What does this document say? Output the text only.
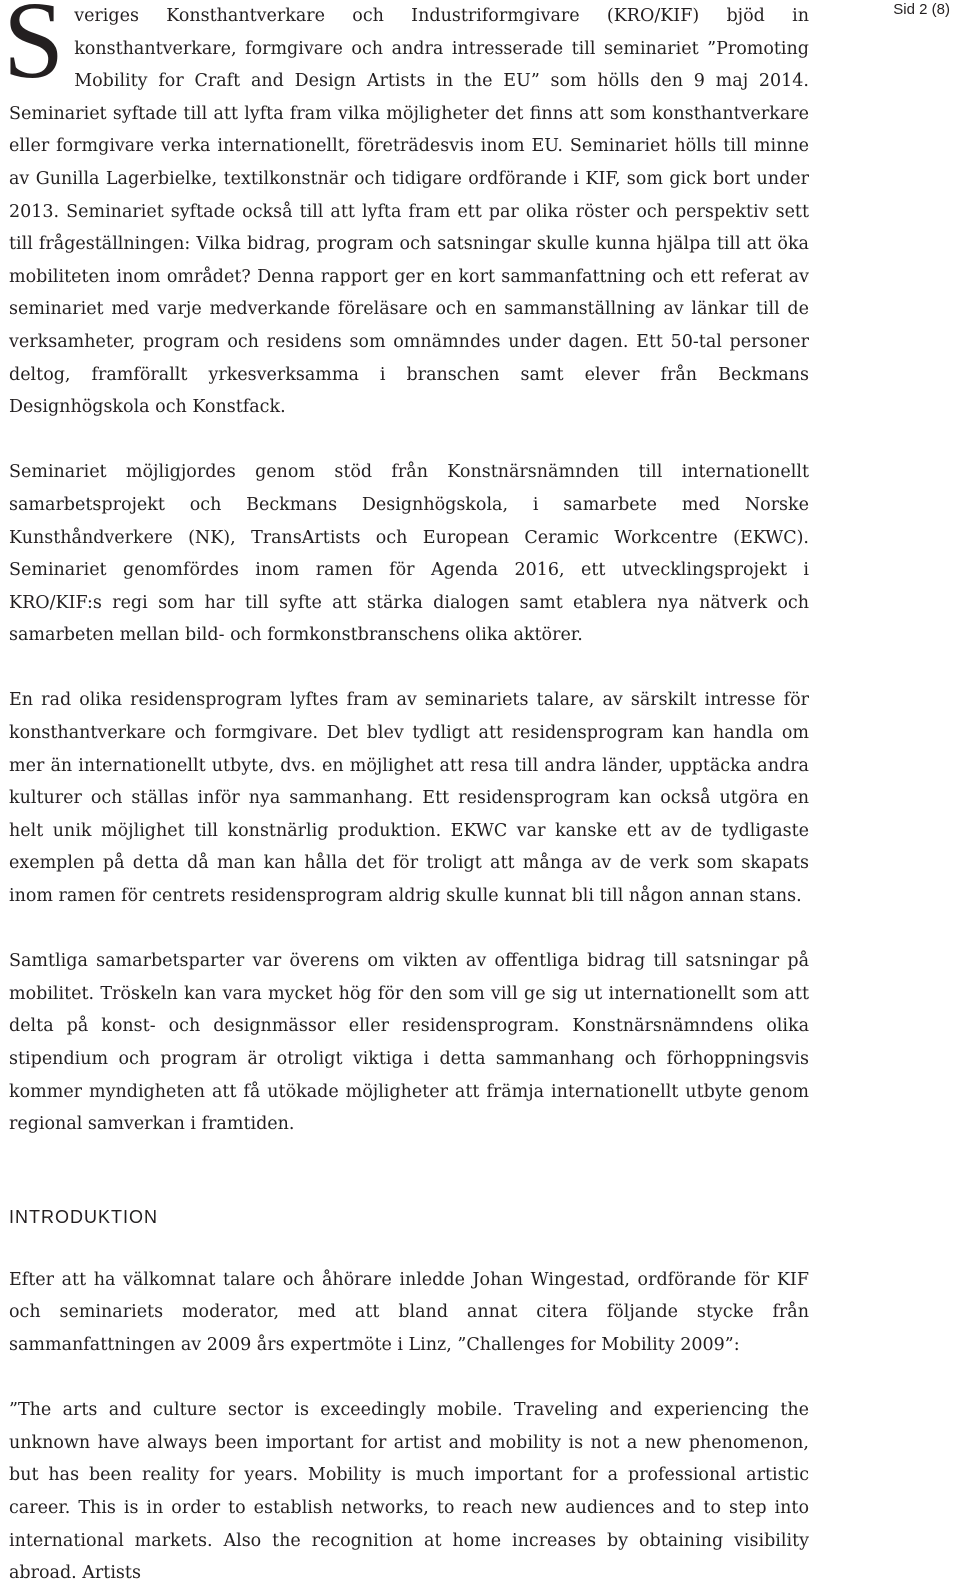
Sid 2 (8)

Sveriges Konsthantverkare och Industriformgivare (KRO/KIF) bjöd in konsthantverkare, formgivare och andra intresserade till seminariet ”Promoting Mobility for Craft and Design Artists in the EU” som hölls den 9 maj 2014. Seminariet syftade till att lyfta fram vilka möjligheter det finns att som konsthantverkare eller formgivare verka internationellt, företrädesvis inom EU. Seminariet hölls till minne av Gunilla Lagerbielke, textilkonstnär och tidigare ordförande i KIF, som gick bort under 2013. Seminariet syftade också till att lyfta fram ett par olika röster och perspektiv sett till frågeställningen: Vilka bidrag, program och satsningar skulle kunna hjälpa till att öka mobiliteten inom området? Denna rapport ger en kort sammanfattning och ett referat av seminariet med varje medverkande föreläsare och en sammanställning av länkar till de verksamheter, program och residens som omnämndes under dagen. Ett 50-tal personer deltog, framförallt yrkesverksamma i branschen samt elever från Beckmans Designhögskola och Konstfack.

Seminariet möjligjordes genom stöd från Konstnärsnämnden till internationellt samarbetsprojekt och Beckmans Designhögskola, i samarbete med Norske Kunsthåndverkere (NK), TransArtists och European Ceramic Workcentre (EKWC). Seminariet genomfördes inom ramen för Agenda 2016, ett utvecklingsprojekt i KRO/KIF:s regi som har till syfte att stärka dialogen samt etablera nya nätverk och samarbeten mellan bild- och formkonstbranschens olika aktörer.

En rad olika residensprogram lyftes fram av seminariets talare, av särskilt intresse för konsthantverkare och formgivare. Det blev tydligt att residensprogram kan handla om mer än internationellt utbyte, dvs. en möjlighet att resa till andra länder, upptäcka andra kulturer och ställas inför nya sammanhang. Ett residensprogram kan också utgöra en helt unik möjlighet till konstnärlig produktion. EKWC var kanske ett av de tydligaste exemplen på detta då man kan hålla det för troligt att många av de verk som skapats inom ramen för centrets residensprogram aldrig skulle kunnat bli till någon annan stans.

Samtliga samarbetsparter var överens om vikten av offentliga bidrag till satsningar på mobilitet. Tröskeln kan vara mycket hög för den som vill ge sig ut internationellt som att delta på konst- och designmässor eller residensprogram. Konstnärsnämndens olika stipendium och program är otroligt viktiga i detta sammanhang och förhoppningsvis kommer myndigheten att få utökade möjligheter att främja internationellt utbyte genom regional samverkan i framtiden.

INTRODUKTION

Efter att ha välkomnat talare och åhörare inledde Johan Wingestad, ordförande för KIF och seminariets moderator, med att bland annat citera följande stycke från sammanfattningen av 2009 års expertmöte i Linz, ”Challenges for Mobility 2009”:

”The arts and culture sector is exceedingly mobile. Traveling and experiencing the unknown have always been important for artist and mobility is not a new phenomenon, but has been reality for years. Mobility is much important for a professional artistic career. This is in order to establish networks, to reach new audiences and to step into international markets. Also the recognition at home increases by obtaining visibility abroad. Artists
